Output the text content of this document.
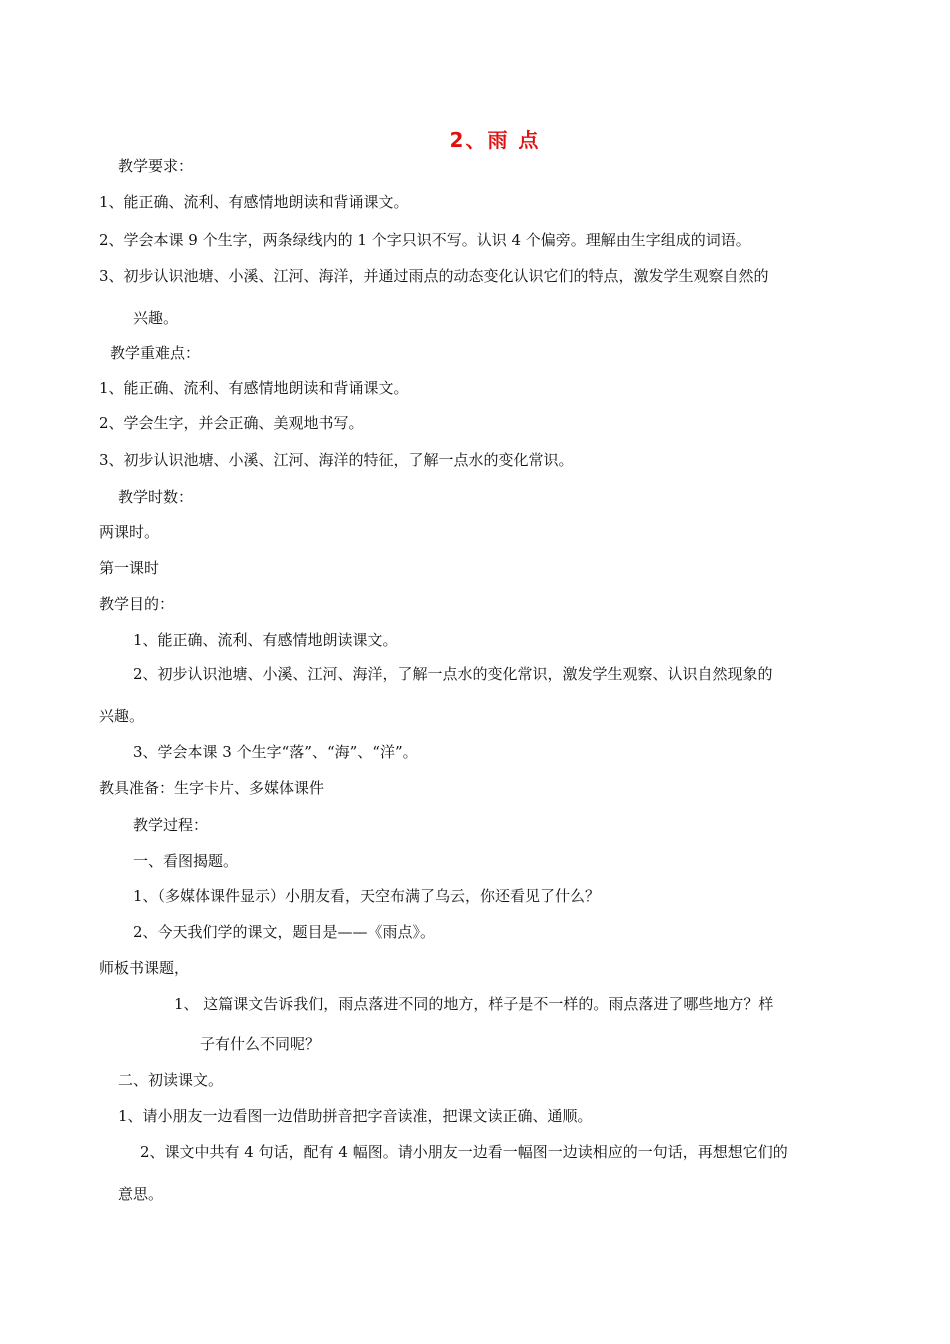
2、雨 点
教学要求：
1、能正确、流利、有感情地朗读和背诵课文。
2、学会本课 9 个生字，两条绿线内的 1 个字只识不写。认识 4 个偏旁。理解由生字组成的词语。
3、初步认识池塘、小溪、江河、海洋，并通过雨点的动态变化认识它们的特点，激发学生观察自然的
兴趣。
教学重难点：
1、能正确、流利、有感情地朗读和背诵课文。
2、学会生字，并会正确、美观地书写。
3、初步认识池塘、小溪、江河、海洋的特征，了解一点水的变化常识。
教学时数：
两课时。
第一课时
教学目的：
1、能正确、流利、有感情地朗读课文。
2、初步认识池塘、小溪、江河、海洋，了解一点水的变化常识，激发学生观察、认识自然现象的
兴趣。
3、学会本课 3 个生字“落”、“海”、“洋”。
教具准备：生字卡片、多媒体课件
教学过程：
一、看图揭题。
1、（多媒体课件显示）小朋友看，天空布满了乌云，你还看见了什么？
2、今天我们学的课文，题目是——《雨点》。
师板书课题，
1、 这篇课文告诉我们，雨点落进不同的地方，样子是不一样的。雨点落进了哪些地方？样
子有什么不同呢？
二、初读课文。
1、请小朋友一边看图一边借助拼音把字音读准，把课文读正确、通顺。
2、课文中共有 4 句话，配有 4 幅图。请小朋友一边看一幅图一边读相应的一句话，再想想它们的
意思。
